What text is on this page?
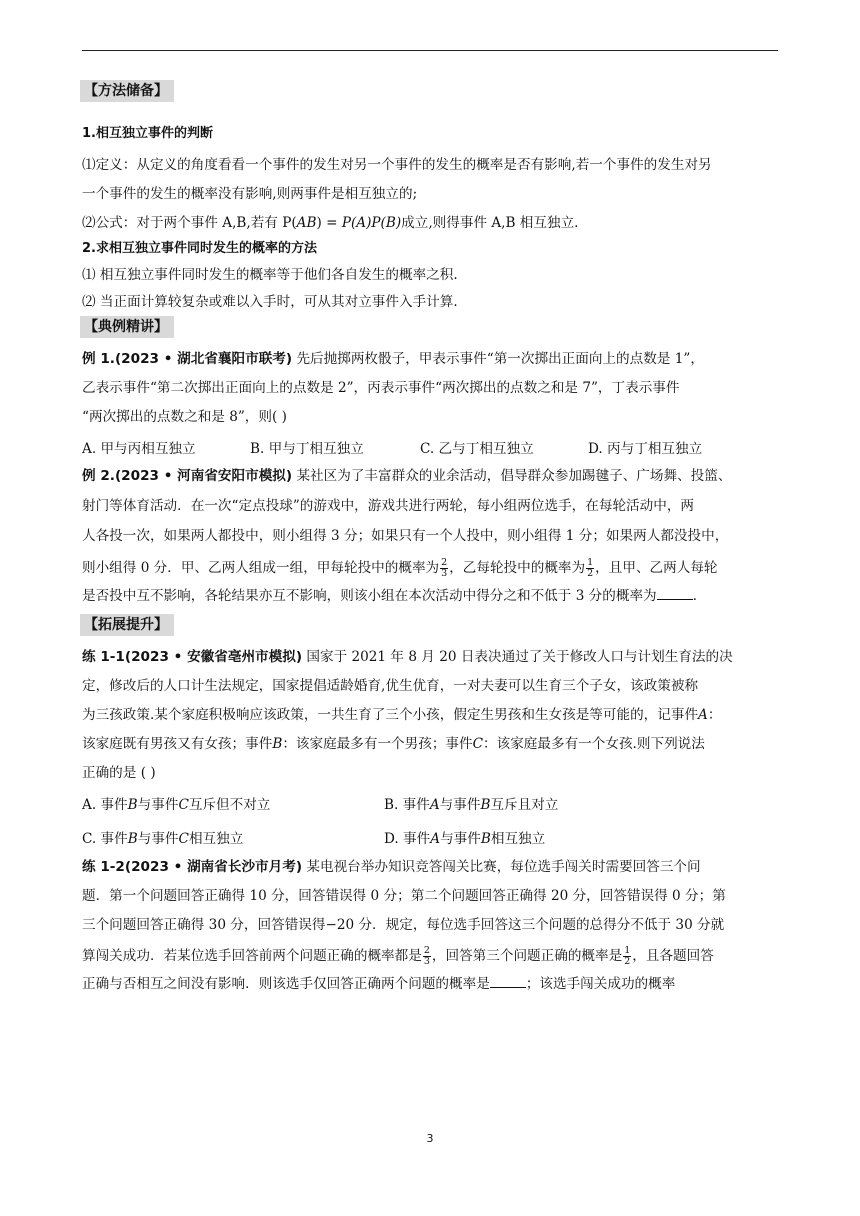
【方法储备】
1.相互独立事件的判断
⑴定义：从定义的角度看看一个事件的发生对另一个事件的发生的概率是否有影响,若一个事件的发生对另
一个事件的发生的概率没有影响,则两事件是相互独立的;
⑵公式：对于两个事件 A,B,若有 P(AB) = P(A)P(B)成立,则得事件 A,B 相互独立.
2.求相互独立事件同时发生的概率的方法
⑴ 相互独立事件同时发生的概率等于他们各自发生的概率之积.
⑵ 当正面计算较复杂或难以入手时，可从其对立事件入手计算.
【典例精讲】
例 1.(2023 • 湖北省襄阳市联考) 先后抛掷两枚骰子，甲表示事件“第一次掷出正面向上的点数是 1”，
乙表示事件“第二次掷出正面向上的点数是 2”，丙表示事件“两次掷出的点数之和是 7”，丁表示事件
“两次掷出的点数之和是 8”，则( )
A. 甲与丙相互独立	B. 甲与丁相互独立	C. 乙与丁相互独立	D. 丙与丁相互独立
例 2.(2023 • 河南省安阳市模拟) 某社区为了丰富群众的业余活动，倡导群众参加踢毽子、广场舞、投篮、
射门等体育活动．在一次“定点投球”的游戏中，游戏共进行两轮，每小组两位选手，在每轮活动中，两
人各投一次，如果两人都投中，则小组得 3 分；如果只有一个人投中，则小组得 1 分；如果两人都没投中，
则小组得 0 分．甲、乙两人组成一组，甲每轮投中的概率为 $\frac{2}{3}$ ，乙每轮投中的概率为 $\frac{1}{2}$ ，且甲、乙两人每轮
是否投中互不影响，各轮结果亦互不影响，则该小组在本次活动中得分之和不低于 3 分的概率为	.
【拓展提升】
练 1-1(2023 • 安徽省亳州市模拟) 国家于 2021 年 8 月 20 日表决通过了关于修改人口与计划生育法的决
定，修改后的人口计生法规定，国家提倡适龄婚育,优生优育，一对夫妻可以生育三个子女，该政策被称
为三孩政策.某个家庭积极响应该政策，一共生育了三个小孩，假定生男孩和生女孩是等可能的，记事件A：
该家庭既有男孩又有女孩；事件B：该家庭最多有一个男孩；事件C：该家庭最多有一个女孩.则下列说法
正确的是 ( )
A. 事件B与事件C互斥但不对立	B. 事件A与事件B互斥且对立
C. 事件B与事件C相互独立	D. 事件A与事件B相互独立
练 1-2(2023 • 湖南省长沙市月考) 某电视台举办知识竞答闯关比赛，每位选手闯关时需要回答三个问
题．第一个问题回答正确得 10 分，回答错误得 0 分；第二个问题回答正确得 20 分，回答错误得 0 分；第
三个问题回答正确得 30 分，回答错误得−20 分．规定，每位选手回答这三个问题的总得分不低于 30 分就
算闯关成功．若某位选手回答前两个问题正确的概率都是 $\frac{2}{3}$ ，回答第三个问题正确的概率是 $\frac{1}{2}$ ，且各题回答
正确与否相互之间没有影响．则该选手仅回答正确两个问题的概率是	；该选手闯关成功的概率
3
